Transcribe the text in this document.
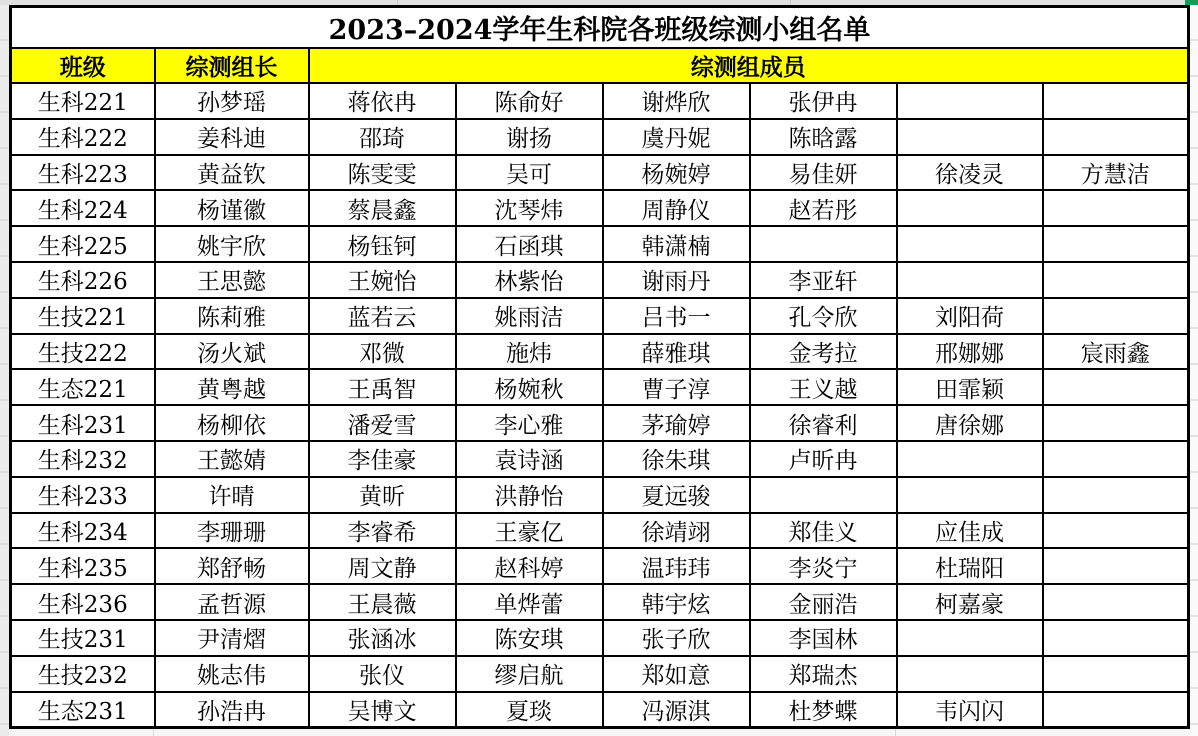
2023–2024学年生科院各班级综测小组名单							
班级	综测组长	综测组成员					
生科221	孙梦瑶	蒋依冉	陈俞好	谢烨欣	张伊冉		
生科222	姜科迪	邵琦	谢扬	虞丹妮	陈晗露		
生科223	黄益钦	陈雯雯	吴可	杨婉婷	易佳妍	徐凌灵	方慧洁
生科224	杨谨徽	蔡晨鑫	沈琴炜	周静仪	赵若彤		
生科225	姚宇欣	杨钰钶	石函琪	韩潇楠			
生科226	王思懿	王婉怡	林紫怡	谢雨丹	李亚轩		
生技221	陈莉雅	蓝若云	姚雨洁	吕书一	孔令欣	刘阳荷	
生技222	汤火斌	邓微	施炜	薛雅琪	金考拉	邢娜娜	宸雨鑫
生态221	黄粤越	王禹智	杨婉秋	曹子淳	王义越	田霏颖	
生科231	杨柳依	潘爱雪	李心雅	茅瑜婷	徐睿利	唐徐娜	
生科232	王懿婧	李佳豪	袁诗涵	徐朱琪	卢昕冉		
生科233	许晴	黄昕	洪静怡	夏远骏			
生科234	李珊珊	李睿希	王豪亿	徐靖翊	郑佳义	应佳成	
生科235	郑舒畅	周文静	赵科婷	温玮玮	李炎宁	杜瑞阳	
生科236	孟哲源	王晨薇	单烨蕾	韩宇炫	金丽浩	柯嘉豪	
生技231	尹清熠	张涵冰	陈安琪	张子欣	李国林		
生技232	姚志伟	张仪	缪启航	郑如意	郑瑞杰		
生态231	孙浩冉	吴博文	夏琰	冯源淇	杜梦蝶	韦闪闪	
